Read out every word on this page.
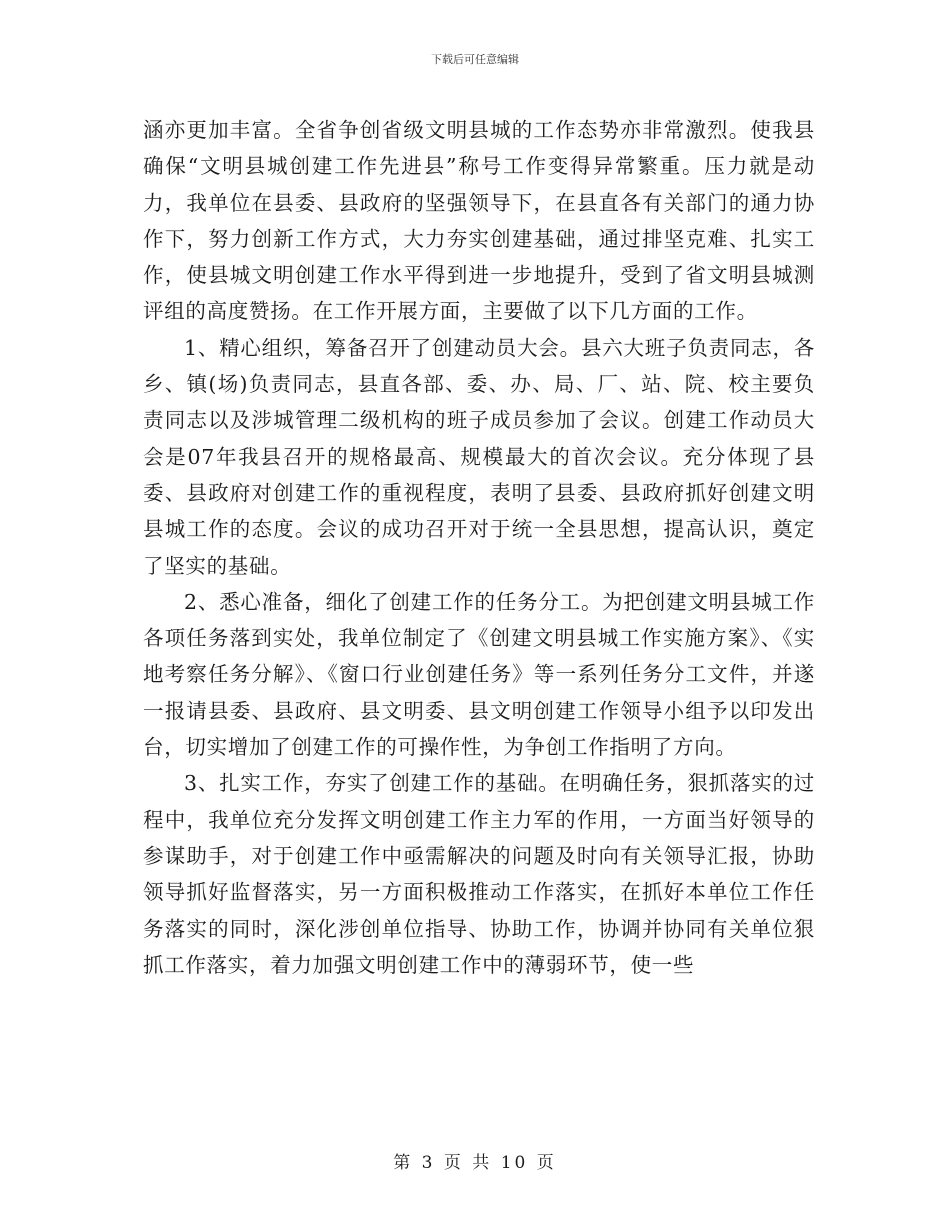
下载后可任意编辑

涵亦更加丰富。全省争创省级文明县城的工作态势亦非常激烈。使我县确保“文明县城创建工作先进县”称号工作变得异常繁重。压力就是动力，我单位在县委、县政府的坚强领导下，在县直各有关部门的通力协作下，努力创新工作方式，大力夯实创建基础，通过排坚克难、扎实工作，使县城文明创建工作水平得到进一步地提升，受到了省文明县城测评组的高度赞扬。在工作开展方面，主要做了以下几方面的工作。

1、精心组织，筹备召开了创建动员大会。县六大班子负责同志，各乡、镇(场)负责同志，县直各部、委、办、局、厂、站、院、校主要负责同志以及涉城管理二级机构的班子成员参加了会议。创建工作动员大会是07年我县召开的规格最高、规模最大的首次会议。充分体现了县委、县政府对创建工作的重视程度，表明了县委、县政府抓好创建文明县城工作的态度。会议的成功召开对于统一全县思想，提高认识，奠定了坚实的基础。

2、悉心准备，细化了创建工作的任务分工。为把创建文明县城工作各项任务落到实处，我单位制定了《创建文明县城工作实施方案》、《实地考察任务分解》、《窗口行业创建任务》等一系列任务分工文件，并遂一报请县委、县政府、县文明委、县文明创建工作领导小组予以印发出台，切实增加了创建工作的可操作性，为争创工作指明了方向。

3、扎实工作，夯实了创建工作的基础。在明确任务，狠抓落实的过程中，我单位充分发挥文明创建工作主力军的作用，一方面当好领导的参谋助手，对于创建工作中亟需解决的问题及时向有关领导汇报，协助领导抓好监督落实，另一方面积极推动工作落实，在抓好本单位工作任务落实的同时，深化涉创单位指导、协助工作，协调并协同有关单位狠抓工作落实，着力加强文明创建工作中的薄弱环节，使一些

第 3 页 共 10 页
